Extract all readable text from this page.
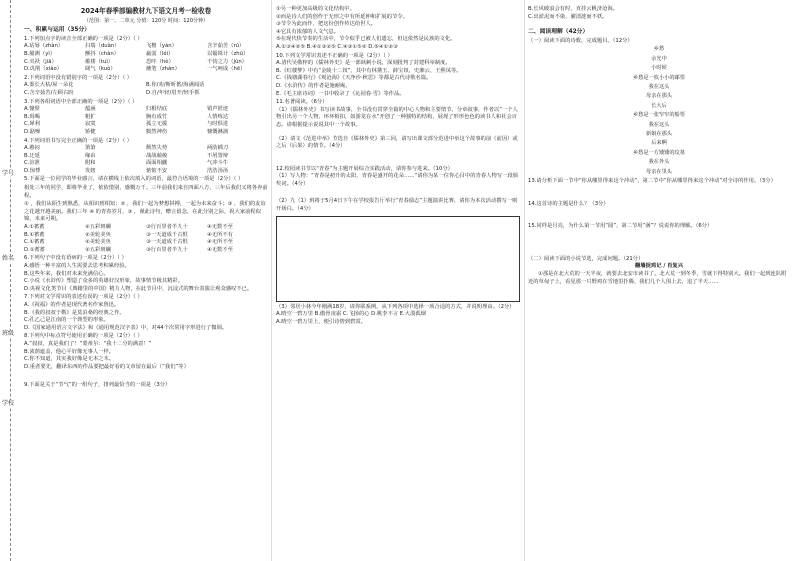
学号
姓名
班级
学校
2024年春季部编教材九下语文月考一检收卷
（范围：第一、二单元 分值：120分 时间：120分钟）
一、积累与运用（35分）
1.下列加点字的读音全部正确的一项是（2分）（ ）
A.玷辱（zhàn）	扫瑞（duàn）	飞檐（yán）	含辛茹苦（rú）
B.臆测（yì）	颤抖（chàn）	羸弱（léi）	以锱铢计（zhū）
C.夹袄（jiā）	褴褛（tuì）	恐吓（hè）	千钧之力（jūn）
D.讥削（xiào）	阔气（kuò）	蘸笔（zhàn）	一气呵成（hē）
2.下列词语中没有错别字的一项是（2分）（ ）
A.鉴长大枯/屋一朵花	B.你/劝/斯昕蓄/海满闻话
C.含辛茹苦/左顾右盼	D.自/年轻/眉开/轻手抓
3.下列各组词语中全部正确的一项是（2分）（ ）
A.憧憬	蕴涵	归根结底	销声匿迹
B.阎喝	粗犷	胸有成竹	人情练达
C.犀利	寂寞	孤立无援	与时俱进
D.聒噪	矫健	黯然神伤	慷慨淋漓
4.下列词语书写完全正确的一项是（2分）（ ）
A.憨闷	箫箫	颓然失势	两肋插刀
B.迂延	缘由	战战兢兢	不屑置辩
C.渲泄	附和	面面相觑	气冲斗牛
D.惊悸	发轫	惦惦不安	浩浩汤汤
5.下面是一位同学的毕业感言，请在横线上依次填入的词语，最符合语境的一项是（2分）（ ）
相处三年的同学，即将毕业了，依依惜别，感慨万千。三年前我们来自四面八方，三年后我们又将各奔前程。
① ，我们从陌生到熟悉，从相识到相知；② ，我们一起为梦想拼搏，一起为未来奋斗；③ ，我们的友谊之花越开越美丽。我们三年 ④ 的青春岁月，③ ，谨此诗句，赠言留念，在此分别之际，祝大家前程似锦，未来可期。
A.①蓄蓄	②五彩斑斓	③行百里者半九十	④无数不至
B.①蓄蓄	②美轮美奂	③一天道成千古恨	④无所不有
C.①蓄蓄	②美轮美奂	③一天道成千古恨	④无所不至
D.①蓄蓄	②五彩斑斓	③行百里者半九十	④无数不至
6.下列句子中没有语病的一项是（2分）（ ）
A.感悟一种丰富的人生需要去思考积累经验。
B.这些年来，我们对未来充满信心。
C.小说《水浒传》塑造了众多的英雄好汉形象，故事情节极其精彩。
D.央视文化类节目《典籍里的中国》精力人物，在此节目中，沉浸式的舞台表演让观众感叹不已。
7.下列对文学常识的表述有误的一项是（2分）（ ）
A.《祝福》的作者是现代著名作家鲁迅。
B.《我的叔叔于勒》是莫泊桑的经典之作。
C.孔乙己是江南的一个典型的形象。
D.《国家通用语言文字法》和《通用规范汉字表》中，对44个次常用字形进行了微调。
8.下列句中标点符号使用正确的一项是（2分）（ ）
A.“叔叔，真是我们了！”蒙蒂尔：“我十二分的满意！”
B.浓荫遮盖，他心平好像无事人一样。
C.你不知道，其实我好像是无本之木。
D.重者要先，翻译东西的作品要把最好看的文章留在最后（“我们”等）
9.下面是关于“节气”的一组句子，排列最恰当的一项是（3分）
①另一种更加高级的文化结构中。
②而是诗人们的创作于无形之中有所延伸和扩展的节令。
③节令为此而作，把这份创作传达给世人。
④它具有浓郁的人文气息。
⑤在现代快节奏的生活中，节令似乎已被人们遗忘，但这依然是民族的文化。
A.①③④②⑤ B.④①③②⑤ C.④③①⑤② D.⑤④①②③
10.下列文学常识表述不正确的一项是（2分）（ ）
A.清代吴敬梓的《儒林外史》是一部讽刺小说，深刻批判了封建科举制度。
B.《红楼梦》中有“金陵十二钗”，其中有林黛玉、薛宝钗、史湘云、王熙凤等。
C.《钱塘湖春行》《观沧海》《天净沙·秋思》等都是古代诗歌名篇。
D.《水浒传》的作者是施耐庵。
E.《毛主席诗词》一书中收录了《沁园春·雪》等作品。
11.名著阅读。（6分）
（1）《儒林外史》书写读书故事，全书没有贯穿全篇的中心人物和主要情节，分章叙事，作者以“一个人物引出另一个人物，环环相扣，如游龙在水”开创了一种独特的结构，展现了形形色色的读书人和社会百态。请根据提示说说其中一个故事。
（2）请文《范进中举》节选自《儒林外史》第三回，请写出课文部分范进中举这个故事的前（前因）或之后（后果）的情节。（4分）
12.校园读书节以“青春”为主题开展综合实践活动，请你参与进来。（10分）
（1）写人物：“青春是初升的太阳，青春是盛开的花朵……”请你为某一位你心目中的青春人物写一段颁奖词。（4分）
（2）九（1）班将于5月4日下午在学校报告厅举行“青春励志”主题演讲比赛，请你为本次活动撰写一则开场白。（4分）
（3）邻居小林今年刚满18岁，请你联系例，从下列各项中选择一项合适的方式，并说明理由。（2分）
A.晴空一碧万里 B.傲骨凌霜 C.飞扬的心 D.桃李不言 E.大漠孤烟
A.晴空一碧万里上，便引诗情到碧霄。
B.长风破浪会有时，直挂云帆济沧海。
C.出淤泥而不染，濯清涟而不妖。
二、阅读理解（42分）
（一）阅读下面的诗歌，完成题目。（12分）
乡愁
余光中
小时候
乡愁是一枚小小的邮票
我在这头
母亲在那头
长大后
乡愁是一张窄窄的船票
我在这头
新娘在那头
后来啊
乡愁是一方矮矮的坟墓
我在外头
母亲在里头
13.请分析下面一节中“你从哪里得来这个冲动”，第二节中“你从哪里得来这个冲动”对全诗的作用。（3分）
14.这首诗的主题是什么？（3分）
15.同样是月亮，为什么第一节用“圆”，第二节用“满”？说说你的理解。（6分）
（二）阅读下面的小说节选，完成问题。（21分）
翻墙捉鸡记 / 肖复兴
①那是在北大荒的一天半夜，就要去北安市读书了。北大荒一到冬季，雪就下得特别大。我们一起到连队附近的草甸子上，看见那一只野鸡在雪地里扑腾，我们几个人围上去，追了半天……
